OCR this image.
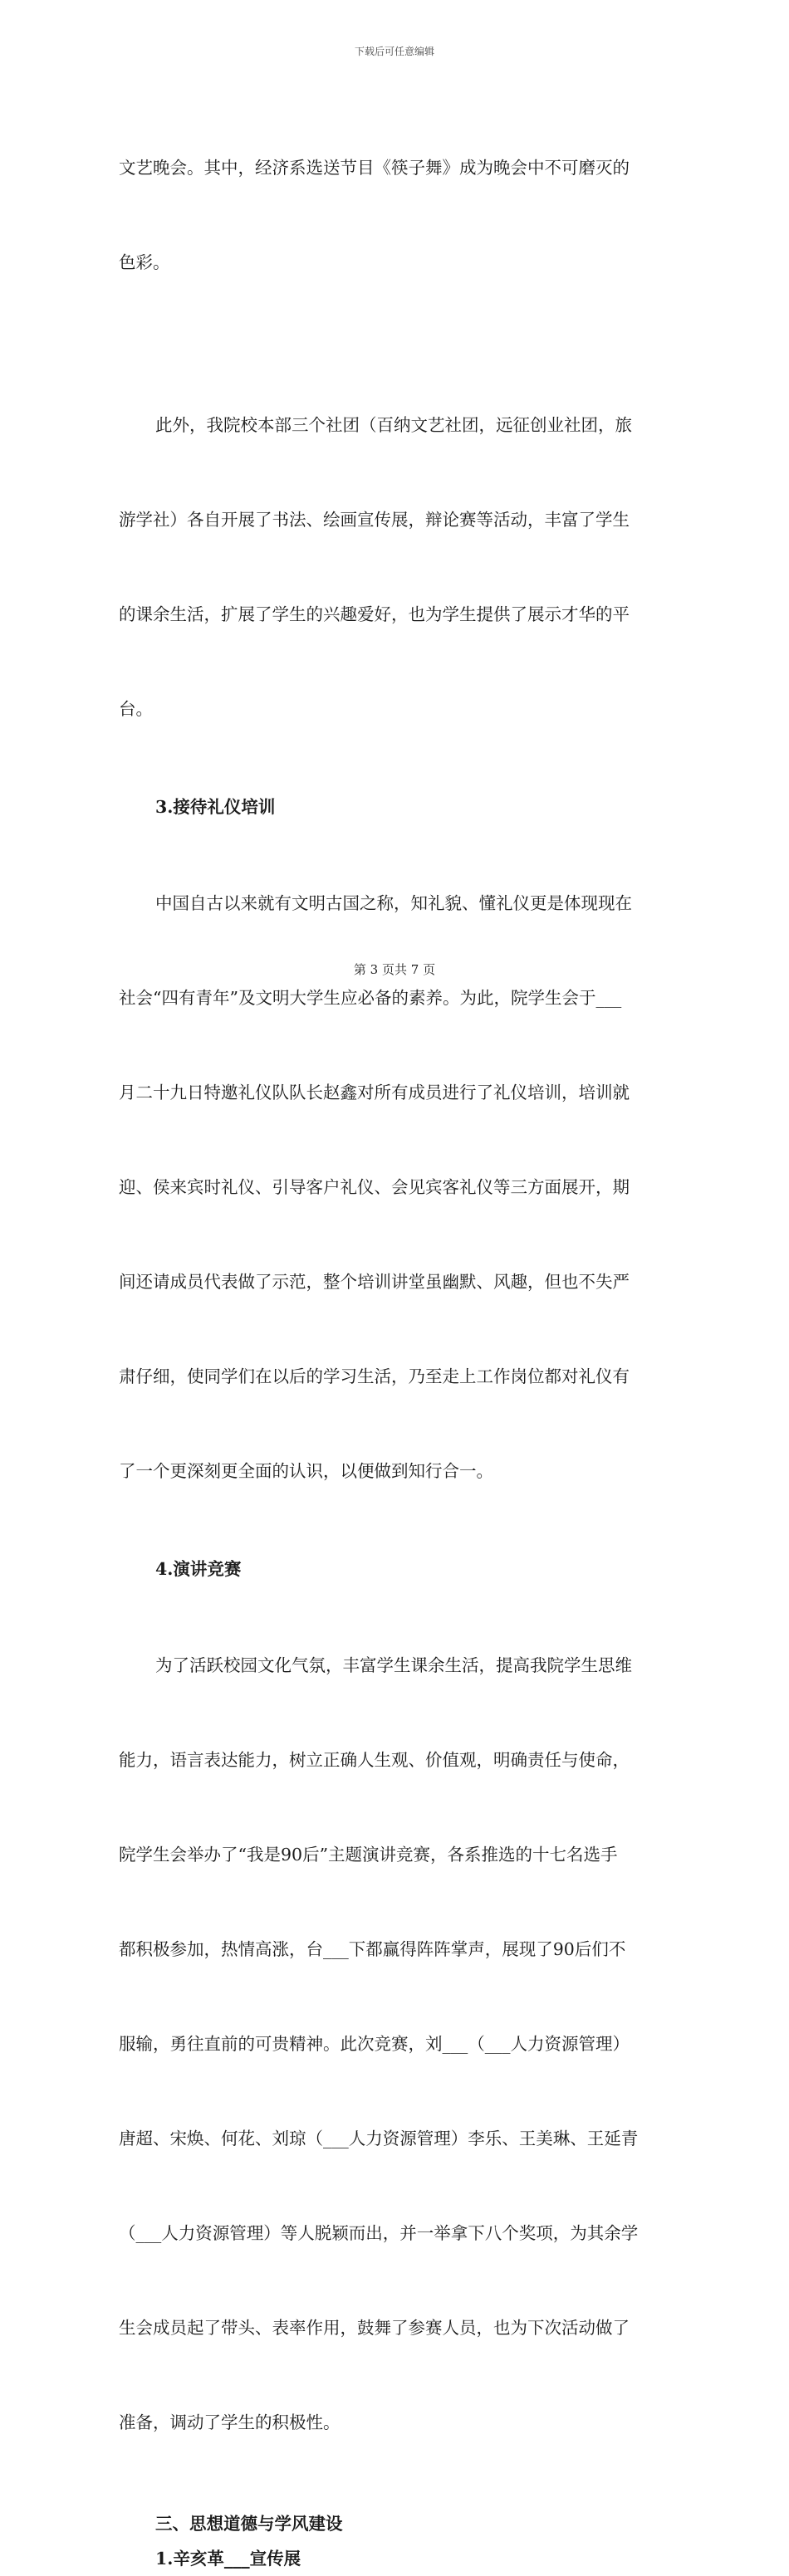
下载后可任意编辑

文艺晚会。其中，经济系选送节目《筷子舞》成为晚会中不可磨灭的

色彩。

此外，我院校本部三个社团（百纳文艺社团，远征创业社团，旅

游学社）各自开展了书法、绘画宣传展，辩论赛等活动，丰富了学生

的课余生活，扩展了学生的兴趣爱好，也为学生提供了展示才华的平

台。

3.接待礼仪培训

中国自古以来就有文明古国之称，知礼貌、懂礼仪更是体现现在

社会“四有青年”及文明大学生应必备的素养。为此，院学生会于___

月二十九日特邀礼仪队队长赵鑫对所有成员进行了礼仪培训，培训就

迎、侯来宾时礼仪、引导客户礼仪、会见宾客礼仪等三方面展开，期

间还请成员代表做了示范，整个培训讲堂虽幽默、风趣，但也不失严

肃仔细，使同学们在以后的学习生活，乃至走上工作岗位都对礼仪有

了一个更深刻更全面的认识，以便做到知行合一。

4.演讲竞赛

为了活跃校园文化气氛，丰富学生课余生活，提高我院学生思维

能力，语言表达能力，树立正确人生观、价值观，明确责任与使命，

院学生会举办了“我是90后”主题演讲竞赛，各系推选的十七名选手

都积极参加，热情高涨，台___下都赢得阵阵掌声，展现了90后们不

服输，勇往直前的可贵精神。此次竞赛，刘___（___人力资源管理）

唐超、宋焕、何花、刘琼（___人力资源管理）李乐、王美琳、王延青

（___人力资源管理）等人脱颖而出，并一举拿下八个奖项，为其余学

生会成员起了带头、表率作用，鼓舞了参赛人员，也为下次活动做了

准备，调动了学生的积极性。

三、思想道德与学风建设
1.辛亥革___宣传展
第 3 页共 7 页
